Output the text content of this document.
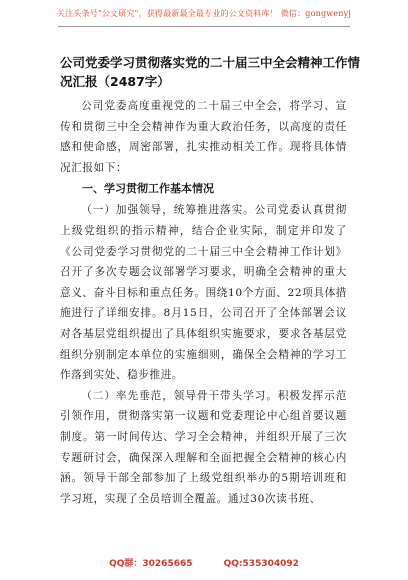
关注头条号"公文研究"，获得最新最全最专业的公文资料库！ 微信：gongwenyj
公司党委学习贯彻落实党的二十届三中全会精神工作情况汇报（2487字）

公司党委高度重视党的二十届三中全会，将学习、宣传和贯彻三中全会精神作为重大政治任务，以高度的责任感和使命感，周密部署，扎实推动相关工作。现将具体情况汇报如下：

一、学习贯彻工作基本情况

（一）加强领导，统筹推进落实。公司党委认真贯彻上级党组织的指示精神，结合企业实际，制定并印发了《公司党委学习贯彻党的二十届三中全会精神工作计划》召开了多次专题会议部署学习要求，明确全会精神的重大意义、奋斗目标和重点任务。围绕10个方面、22项具体措施进行了详细安排。8月15日，公司召开了全体部署会议对各基层党组织提出了具体组织实施要求，要求各基层党组织分别制定本单位的实施细则，确保全会精神的学习工作落到实处、稳步推进。

（二）率先垂范，领导骨干带头学习。积极发挥示范引领作用，贯彻落实第一议题和党委理论中心组首要议题制度。第一时间传达、学习全会精神，并组织开展了三次专题研讨会，确保深入理解和全面把握全会精神的核心内涵。领导干部全部参加了上级党组织举办的5期培训班和学习班，实现了全员培训全覆盖。通过30次读书班、

QQ群：30265665	QQ:535304092
